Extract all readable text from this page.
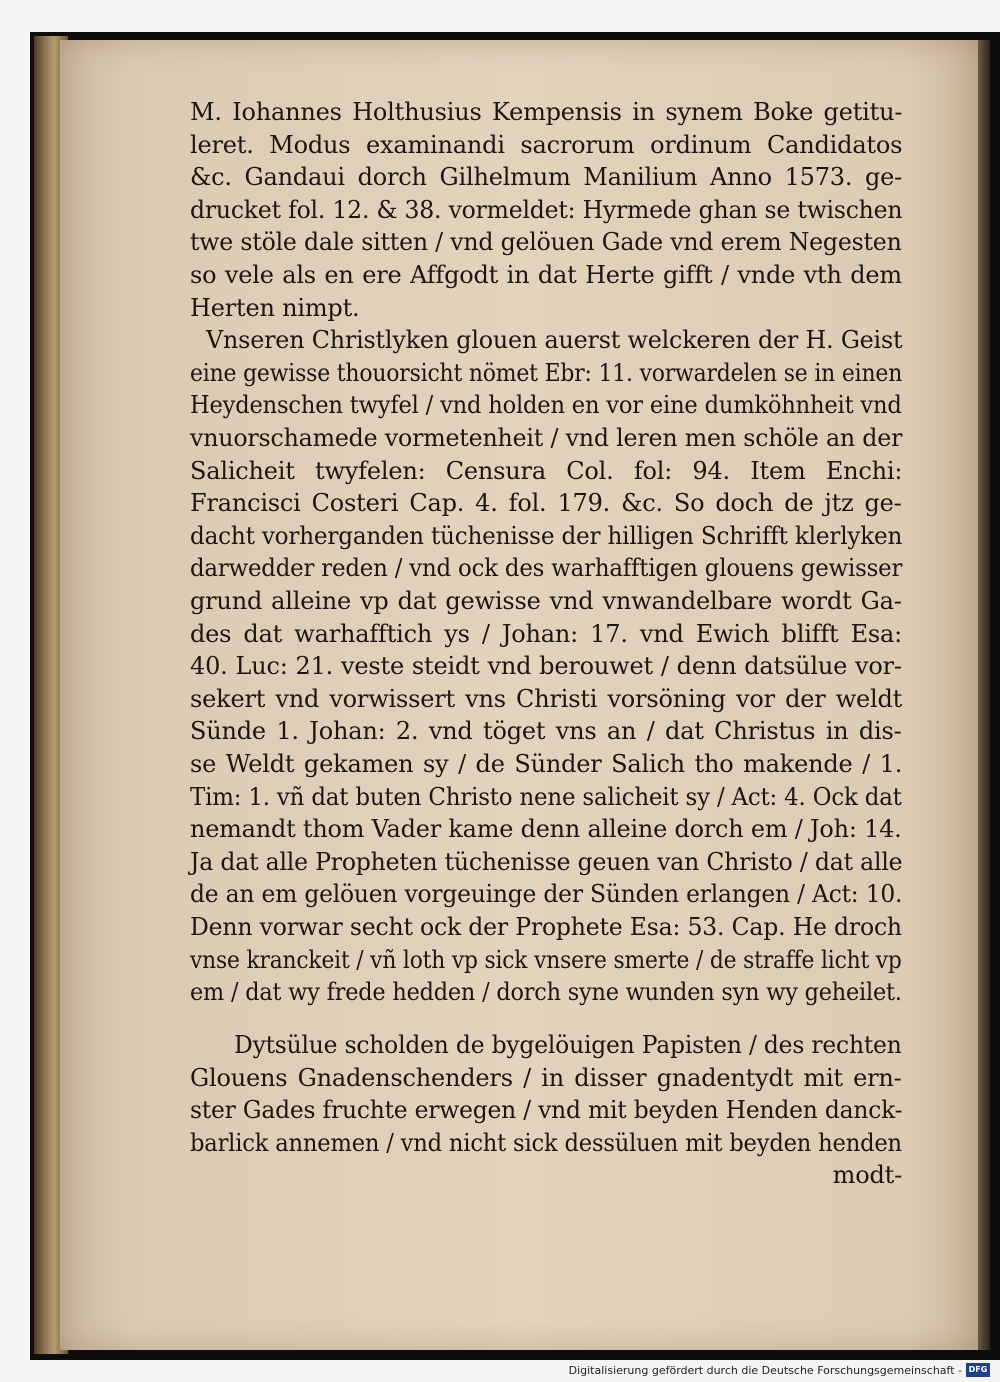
M. Iohannes Holthusius Kempensis in synem Boke getitu-
leret. Modus examinandi sacrorum ordinum Candidatos
&c. Gandaui dorch Gilhelmum Manilium Anno 1573. ge-
drucket fol. 12. & 38. vormeldet: Hyrmede ghan se twischen
twe stöle dale sitten / vnd gelöuen Gade vnd erem Negesten
so vele als en ere Affgodt in dat Herte gifft / vnde vth dem
Herten nimpt.
Vnseren Christlyken glouen auerst welckeren der H. Geist
eine gewisse thouorsicht nömet Ebr: 11. vorwardelen se in einen
Heydenschen twyfel / vnd holden en vor eine dumköhnheit vnd
vnuorschamede vormetenheit / vnd leren men schöle an der
Salicheit twyfelen: Censura Col. fol: 94. Item Enchi:
Francisci Costeri Cap. 4. fol. 179. &c. So doch de jtz ge-
dacht vorherganden tüchenisse der hilligen Schrifft klerlyken
darwedder reden / vnd ock des warhafftigen glouens gewisser
grund alleine vp dat gewisse vnd vnwandelbare wordt Ga-
des dat warhafftich ys / Johan: 17. vnd Ewich blifft Esa:
40. Luc: 21. veste steidt vnd berouwet / denn datsülue vor-
sekert vnd vorwissert vns Christi vorsöning vor der weldt
Sünde 1. Johan: 2. vnd töget vns an / dat Christus in dis-
se Weldt gekamen sy / de Sünder Salich tho makende / 1.
Tim: 1. vñ dat buten Christo nene salicheit sy / Act: 4. Ock dat
nemandt thom Vader kame denn alleine dorch em / Joh: 14.
Ja dat alle Propheten tüchenisse geuen van Christo / dat alle
de an em gelöuen vorgeuinge der Sünden erlangen / Act: 10.
Denn vorwar secht ock der Prophete Esa: 53. Cap. He droch
vnse kranckeit / vñ loth vp sick vnsere smerte / de straffe licht vp
em / dat wy frede hedden / dorch syne wunden syn wy geheilet.
Dytsülue scholden de bygelöuigen Papisten / des rechten
Glouens Gnadenschenders / in disser gnadentydt mit ern-
ster Gades fruchte erwegen / vnd mit beyden Henden danck-
barlick annemen / vnd nicht sick dessüluen mit beyden henden
modt-
Digitalisierung gefördert durch die Deutsche Forschungsgemeinschaft - DFG
